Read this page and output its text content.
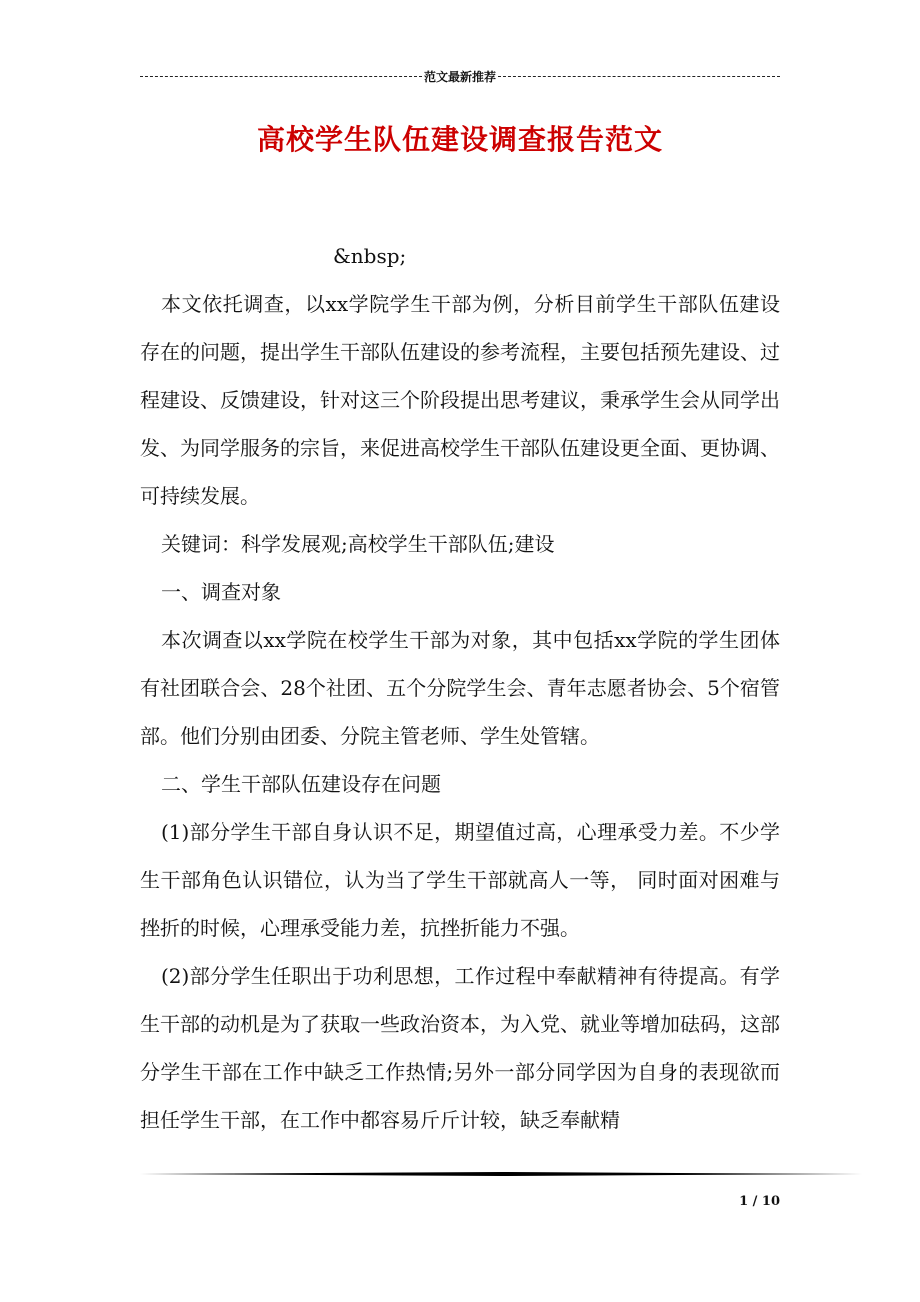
范文最新推荐
高校学生队伍建设调查报告范文
&nbsp;

本文依托调查，以xx学院学生干部为例，分析目前学生干部队伍建设存在的问题，提出学生干部队伍建设的参考流程，主要包括预先建设、过程建设、反馈建设，针对这三个阶段提出思考建议，秉承学生会从同学出发、为同学服务的宗旨，来促进高校学生干部队伍建设更全面、更协调、可持续发展。

关键词：科学发展观;高校学生干部队伍;建设

一、调查对象

本次调查以xx学院在校学生干部为对象，其中包括xx学院的学生团体有社团联合会、28个社团、五个分院学生会、青年志愿者协会、5个宿管部。他们分别由团委、分院主管老师、学生处管辖。

二、学生干部队伍建设存在问题

(1)部分学生干部自身认识不足，期望值过高，心理承受力差。不少学生干部角色认识错位，认为当了学生干部就高人一等， 同时面对困难与挫折的时候，心理承受能力差，抗挫折能力不强。

(2)部分学生任职出于功利思想，工作过程中奉献精神有待提高。有学生干部的动机是为了获取一些政治资本，为入党、就业等增加砝码，这部分学生干部在工作中缺乏工作热情;另外一部分同学因为自身的表现欲而担任学生干部，在工作中都容易斤斤计较，缺乏奉献精

1 / 10
